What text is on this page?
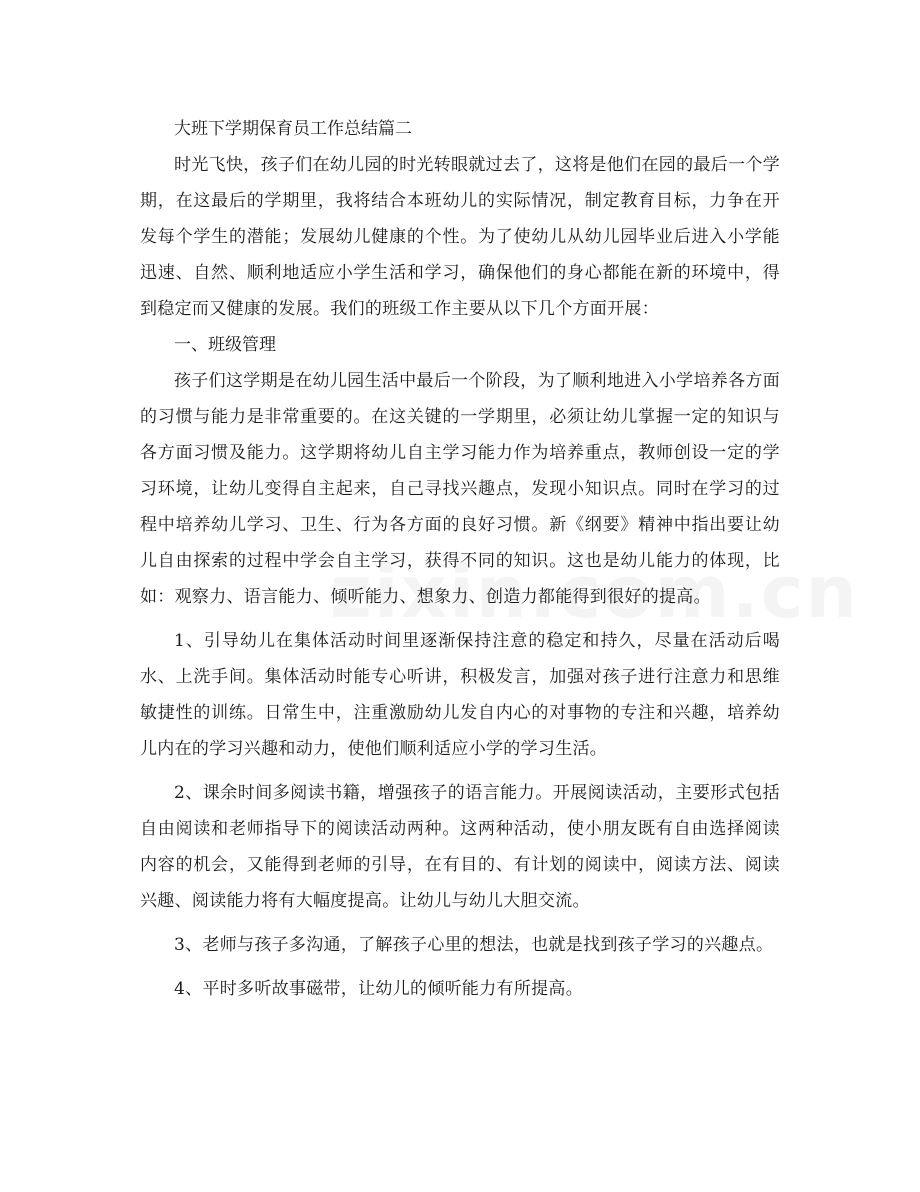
大班下学期保育员工作总结篇二

时光飞快，孩子们在幼儿园的时光转眼就过去了，这将是他们在园的最后一个学期，在这最后的学期里，我将结合本班幼儿的实际情况，制定教育目标，力争在开发每个学生的潜能；发展幼儿健康的个性。为了使幼儿从幼儿园毕业后进入小学能迅速、自然、顺利地适应小学生活和学习，确保他们的身心都能在新的环境中，得到稳定而又健康的发展。我们的班级工作主要从以下几个方面开展：

一、班级管理

孩子们这学期是在幼儿园生活中最后一个阶段，为了顺利地进入小学培养各方面的习惯与能力是非常重要的。在这关键的一学期里，必须让幼儿掌握一定的知识与各方面习惯及能力。这学期将幼儿自主学习能力作为培养重点，教师创设一定的学习环境，让幼儿变得自主起来，自己寻找兴趣点，发现小知识点。同时在学习的过程中培养幼儿学习、卫生、行为各方面的良好习惯。新《纲要》精神中指出要让幼儿自由探索的过程中学会自主学习，获得不同的知识。这也是幼儿能力的体现，比如：观察力、语言能力、倾听能力、想象力、创造力都能得到很好的提高。

1、引导幼儿在集体活动时间里逐渐保持注意的稳定和持久，尽量在活动后喝水、上洗手间。集体活动时能专心听讲，积极发言，加强对孩子进行注意力和思维敏捷性的训练。日常生中，注重激励幼儿发自内心的对事物的专注和兴趣，培养幼儿内在的学习兴趣和动力，使他们顺利适应小学的学习生活。

2、课余时间多阅读书籍，增强孩子的语言能力。开展阅读活动，主要形式包括自由阅读和老师指导下的阅读活动两种。这两种活动，使小朋友既有自由选择阅读内容的机会，又能得到老师的引导，在有目的、有计划的阅读中，阅读方法、阅读兴趣、阅读能力将有大幅度提高。让幼儿与幼儿大胆交流。

3、老师与孩子多沟通，了解孩子心里的想法，也就是找到孩子学习的兴趣点。

4、平时多听故事磁带，让幼儿的倾听能力有所提高。
